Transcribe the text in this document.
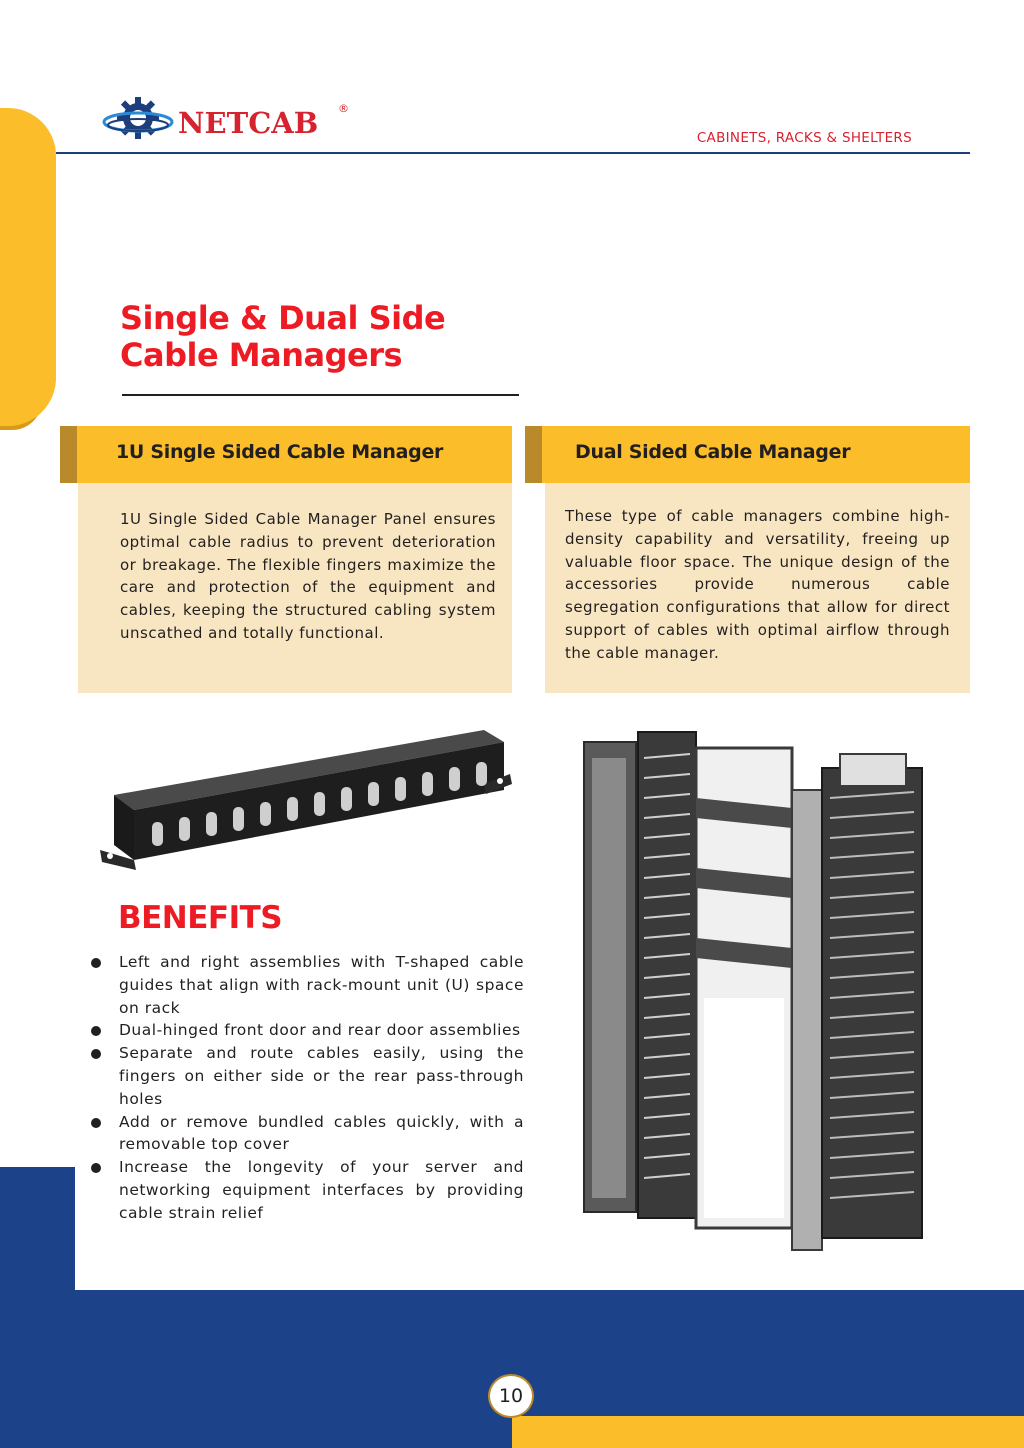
NETCAB ®
CABINETS, RACKS & SHELTERS
Single & Dual Side
Cable Managers
1U Single Sided Cable Manager	Dual Sided Cable Manager

1U Single Sided Cable Manager Panel ensures optimal cable radius to prevent deterioration or breakage. The flexible fingers maximize the care and protection of the equipment and cables, keeping the structured cabling system unscathed and totally functional.

These type of cable managers combine high-density capability and versatility, freeing up valuable floor space. The unique design of the accessories provide numerous cable segregation configurations that allow for direct support of cables with optimal airflow through the cable manager.

BENEFITS
Left and right assemblies with T-shaped cable guides that align with rack-mount unit (U) space on rack
Dual-hinged front door and rear door assemblies
Separate and route cables easily, using the fingers on either side or the rear pass-through holes
Add or remove bundled cables quickly, with a removable top cover
Increase the longevity of your server and networking equipment interfaces by providing cable strain relief
10
